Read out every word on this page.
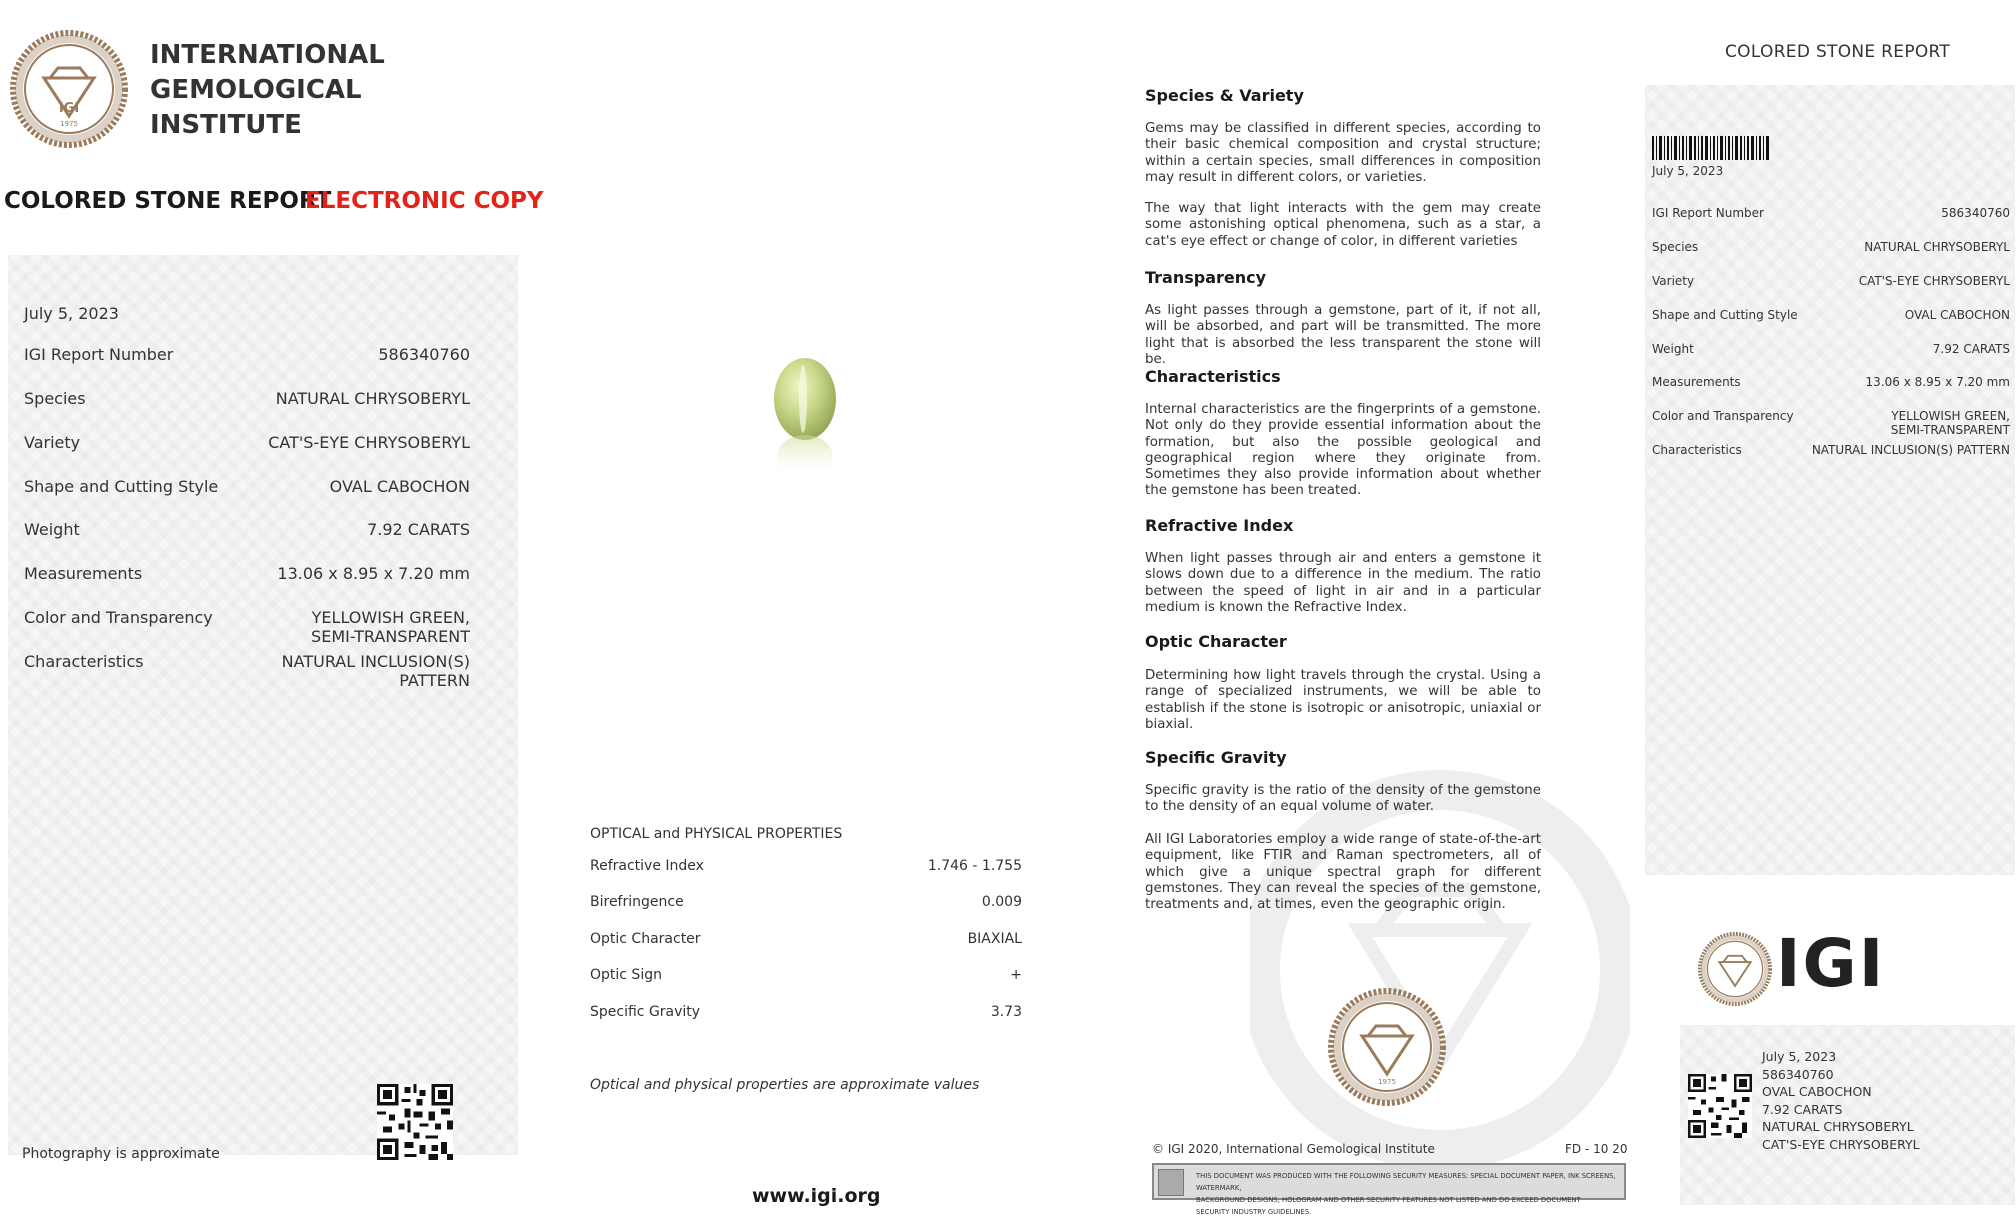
IGI
1975
INTERNATIONAL
GEMOLOGICAL
INSTITUTE
COLORED STONE REPORT
ELECTRONIC COPY
July 5, 2023
IGI Report Number	586340760
Species	NATURAL CHRYSOBERYL
Variety	CAT'S-EYE CHRYSOBERYL
Shape and Cutting Style	OVAL CABOCHON
Weight	7.92 CARATS
Measurements	13.06 x 8.95 x 7.20 mm
Color and Transparency	YELLOWISH GREEN,
SEMI-TRANSPARENT
Characteristics	NATURAL INCLUSION(S)
PATTERN
OPTICAL and PHYSICAL PROPERTIES
Refractive Index	1.746 - 1.755
Birefringence	0.009
Optic Character	BIAXIAL
Optic Sign	+
Specific Gravity	3.73
Optical and physical properties are approximate values
Photography is approximate
www.igi.org
Species & Variety
Gems may be classified in different species, according to their basic chemical composition and crystal structure; within a certain species, small differences in composition may result in different colors, or varieties.
The way that light interacts with the gem may create some astonishing optical phenomena, such as a star, a cat's eye effect or change of color, in different varieties
Transparency
As light passes through a gemstone, part of it, if not all, will be absorbed, and part will be transmitted. The more light that is absorbed the less transparent the stone will be.
Characteristics
Internal characteristics are the fingerprints of a gemstone. Not only do they provide essential information about the formation, but also the possible geological and geographical region where they originate from. Sometimes they also provide information about whether the gemstone has been treated.
Refractive Index
When light passes through air and enters a gemstone it slows down due to a difference in the medium. The ratio between the speed of light in air and in a particular medium is known the Refractive Index.
Optic Character
Determining how light travels through the crystal. Using a range of specialized instruments, we will be able to establish if the stone is isotropic or anisotropic, uniaxial or biaxial.
Specific Gravity
Specific gravity is the ratio of the density of the gemstone to the density of an equal volume of water.
All IGI Laboratories employ a wide range of state-of-the-art equipment, like FTIR and Raman spectrometers, all of which give a unique spectral graph for different gemstones. They can reveal the species of the gemstone, treatments and, at times, even the geographic origin.
1975
© IGI 2020, International Gemological Institute	FD - 10 20
THIS DOCUMENT WAS PRODUCED WITH THE FOLLOWING SECURITY MEASURES: SPECIAL DOCUMENT PAPER, INK SCREENS, WATERMARK,
BACKGROUND DESIGNS, HOLOGRAM AND OTHER SECURITY FEATURES NOT LISTED AND DO EXCEED DOCUMENT SECURITY INDUSTRY GUIDELINES.
COLORED STONE REPORT
July 5, 2023
IGI Report Number	586340760
Species	NATURAL CHRYSOBERYL
Variety	CAT'S-EYE CHRYSOBERYL
Shape and Cutting Style	OVAL CABOCHON
Weight	7.92 CARATS
Measurements	13.06 x 8.95 x 7.20 mm
Color and Transparency	YELLOWISH GREEN,
SEMI-TRANSPARENT
Characteristics	NATURAL INCLUSION(S) PATTERN
IGI
July 5, 2023
586340760
OVAL CABOCHON
7.92 CARATS
NATURAL CHRYSOBERYL
CAT'S-EYE CHRYSOBERYL
